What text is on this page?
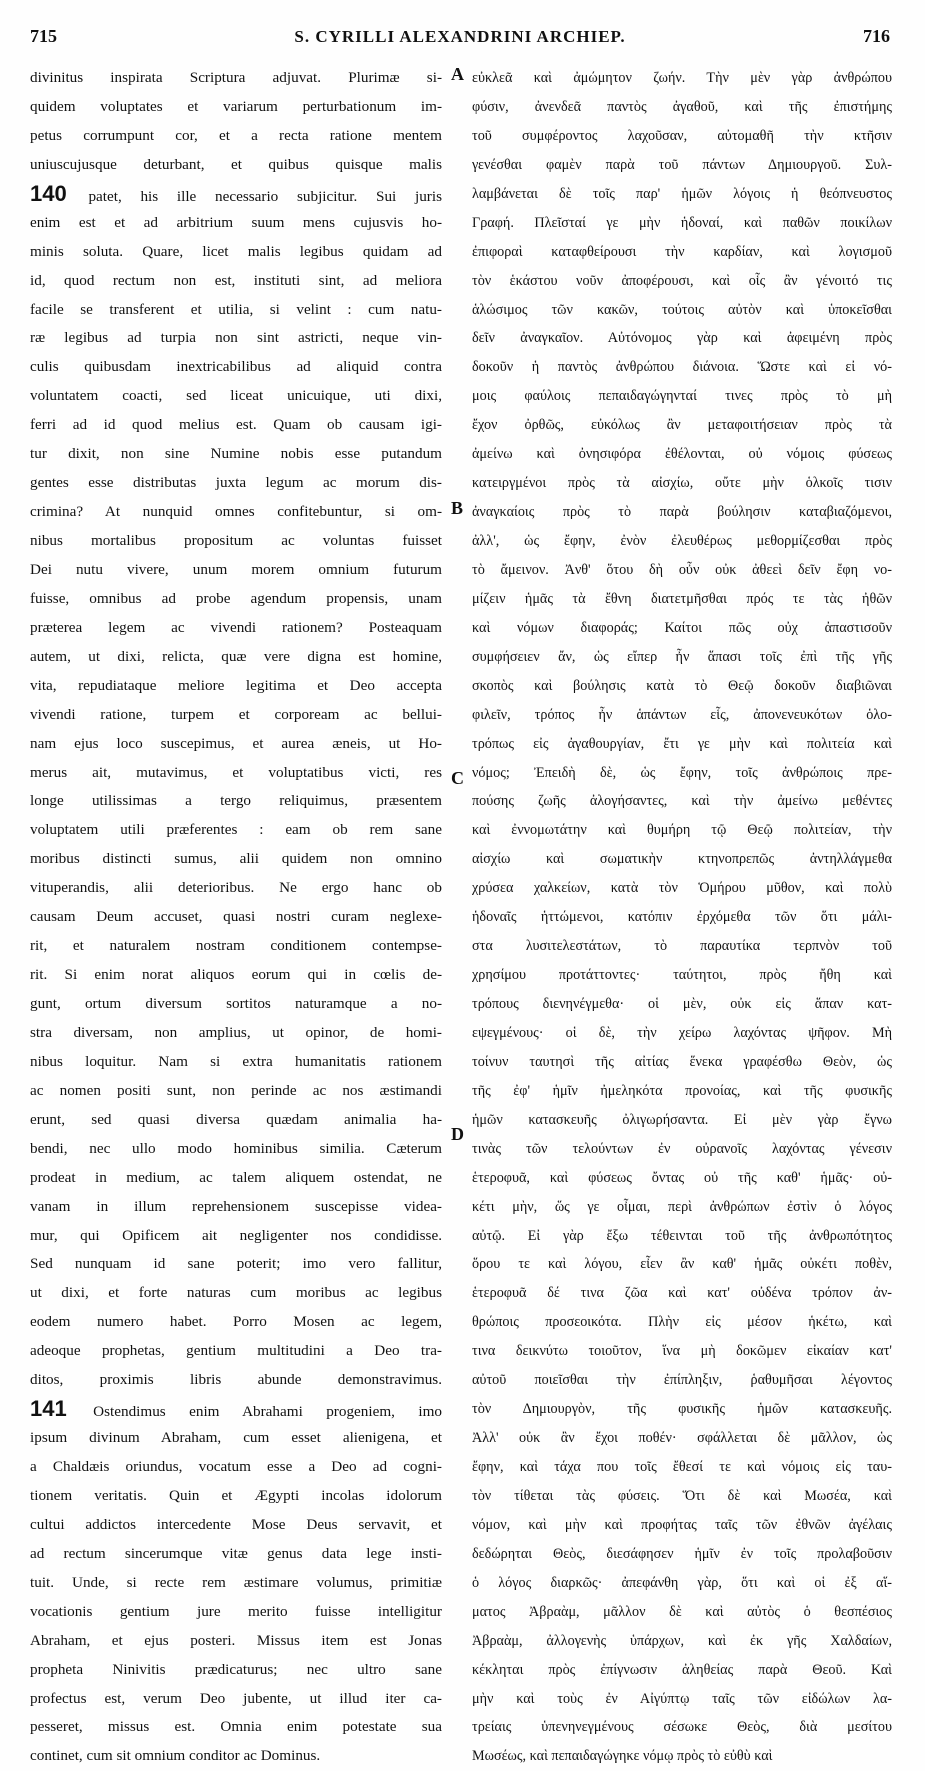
715	S. CYRILLI ALEXANDRINI ARCHIEP.	716
divinitus inspirata Scriptura adjuvat. Plurimæ si-
quidem voluptates et variarum perturbationum im-
petus corrumpunt cor, et a recta ratione mentem
uniuscujusque deturbant, et quibus quisque malis
140 patet, his ille necessario subjicitur. Sui juris
enim est et ad arbitrium suum mens cujusvis ho-
minis soluta. Quare, licet malis legibus quidam ad
id, quod rectum non est, instituti sint, ad meliora
facile se transferent et utilia, si velint : cum natu-
ræ legibus ad turpia non sint astricti, neque vin-
culis quibusdam inextricabilibus ad aliquid contra
voluntatem coacti, sed liceat unicuique, uti dixi,
ferri ad id quod melius est. Quam ob causam igi-
tur dixit, non sine Numine nobis esse putandum
gentes esse distributas juxta legum ac morum dis-
crimina? At nunquid omnes confitebuntur, si om-
nibus mortalibus propositum ac voluntas fuisset
Dei nutu vivere, unum morem omnium futurum
fuisse, omnibus ad probe agendum propensis, unam
præterea legem ac vivendi rationem? Posteaquam
autem, ut dixi, relicta, quæ vere digna est homine,
vita, repudiataque meliore legitima et Deo accepta
vivendi ratione, turpem et corpoream ac bellui-
nam ejus loco suscepimus, et aurea æneis, ut Ho-
merus ait, mutavimus, et voluptatibus victi, res
longe utilissimas a tergo reliquimus, præsentem
voluptatem utili præferentes : eam ob rem sane
moribus distincti sumus, alii quidem non omnino
vituperandis, alii deterioribus. Ne ergo hanc ob
causam Deum accuset, quasi nostri curam neglexe-
rit, et naturalem nostram conditionem contempse-
rit. Si enim norat aliquos eorum qui in cœlis de-
gunt, ortum diversum sortitos naturamque a no-
stra diversam, non amplius, ut opinor, de homi-
nibus loquitur. Nam si extra humanitatis rationem
ac nomen positi sunt, non perinde ac nos æstimandi
erunt, sed quasi diversa quædam animalia ha-
bendi, nec ullo modo hominibus similia. Cæterum
prodeat in medium, ac talem aliquem ostendat, ne
vanam in illum reprehensionem suscepisse videa-
mur, qui Opificem ait negligenter nos condidisse.
Sed nunquam id sane poterit; imo vero fallitur,
ut dixi, et forte naturas cum moribus ac legibus
eodem numero habet. Porro Mosen ac legem,
adeoque prophetas, gentium multitudini a Deo tra-
ditos, proximis libris abunde demonstravimus.
141 Ostendimus enim Abrahami progeniem, imo
ipsum divinum Abraham, cum esset alienigena, et
a Chaldæis oriundus, vocatum esse a Deo ad cogni-
tionem veritatis. Quin et Ægypti incolas idolorum
cultui addictos intercedente Mose Deus servavit, et
ad rectum sincerumque vitæ genus data lege insti-
tuit. Unde, si recte rem æstimare volumus, primitiæ
vocationis gentium jure merito fuisse intelligitur
Abraham, et ejus posteri. Missus item est Jonas
propheta Ninivitis prædicaturus; nec ultro sane
profectus est, verum Deo jubente, ut illud iter ca-
pesseret, missus est. Omnia enim potestate sua
continet, cum sit omnium conditor ac Dominus.
A
B
C
D
εὐκλεᾶ καὶ ἀμώμητον ζωήν. Τὴν μὲν γὰρ ἀνθρώπου
φύσιν, ἀνενδεᾶ παντὸς ἀγαθοῦ, καὶ τῆς ἐπιστήμης
τοῦ συμφέροντος λαχοῦσαν, αὐτομαθῆ τὴν κτῆσιν
γενέσθαι φαμὲν παρὰ τοῦ πάντων Δημιουργοῦ. Συλ-
λαμβάνεται δὲ τοῖς παρ' ἡμῶν λόγοις ἡ θεόπνευστος
Γραφή. Πλεῖσταί γε μὴν ἡδοναί, καὶ παθῶν ποικίλων
ἐπιφοραὶ καταφθείρουσι τὴν καρδίαν, καὶ λογισμοῦ
τὸν ἑκάστου νοῦν ἀποφέρουσι, καὶ οἷς ἂν γένοιτό τις
ἁλώσιμος τῶν κακῶν, τούτοις αὐτὸν καὶ ὑποκεῖσθαι
δεῖν ἀναγκαῖον. Αὐτόνομος γὰρ καὶ ἀφειμένη πρὸς
δοκοῦν ἡ παντὸς ἀνθρώπου διάνοια. Ὥστε καὶ εἰ νό-
μοις φαύλοις πεπαιδαγώγηνταί τινες πρὸς τὸ μὴ
ἔχον ὀρθῶς, εὐκόλως ἂν μεταφοιτήσειαν πρὸς τὰ
ἀμείνω καὶ ὀνησιφόρα ἐθέλονται, οὐ νόμοις φύσεως
κατειργμένοι πρὸς τὰ αἰσχίω, οὔτε μὴν ὁλκοῖς τισιν
ἀναγκαίοις πρὸς τὸ παρὰ βούλησιν καταβιαζόμενοι,
ἀλλ', ὡς ἔφην, ἐνὸν ἐλευθέρως μεθορμίζεσθαι πρὸς
τὸ ἄμεινον. Ἀνθ' ὅτου δὴ οὖν οὐκ ἀθεεὶ δεῖν ἔφη νο-
μίζειν ἡμᾶς τὰ ἔθνη διατετμῆσθαι πρός τε τὰς ἠθῶν
καὶ νόμων διαφοράς; Καίτοι πῶς οὐχ ἀπαστισοῦν
συμφήσειεν ἄν, ὡς εἴπερ ἦν ἅπασι τοῖς ἐπὶ τῆς γῆς
σκοπὸς καὶ βούλησις κατὰ τὸ Θεῷ δοκοῦν διαβιῶναι
φιλεῖν, τρόπος ἦν ἁπάντων εἷς, ἀπονενευκότων ὁλο-
τρόπως εἰς ἀγαθουργίαν, ἔτι γε μὴν καὶ πολιτεία καὶ
νόμος; Ἐπειδὴ δὲ, ὡς ἔφην, τοῖς ἀνθρώποις πρε-
πούσης ζωῆς ἀλογήσαντες, καὶ τὴν ἀμείνω μεθέντες
καὶ ἐννομωτάτην καὶ θυμήρη τῷ Θεῷ πολιτείαν, τὴν
αἰσχίω καὶ σωματικὴν κτηνοπρεπῶς ἀντηλλάγμεθα
χρύσεα χαλκείων, κατὰ τὸν Ὁμήρου μῦθον, καὶ πολὺ
ἡδοναῖς ἡττώμενοι, κατόπιν ἐρχόμεθα τῶν ὅτι μάλι-
στα λυσιτελεστάτων, τὸ παραυτίκα τερπνὸν τοῦ
χρησίμου προτάττοντες· ταύτητοι, πρὸς ἤθη καὶ
τρόπους διενηνέγμεθα· οἱ μὲν, οὐκ εἰς ἅπαν κατ-
εψεγμένους· οἱ δὲ, τὴν χείρω λαχόντας ψῆφον. Μὴ
τοίνυν ταυτησὶ τῆς αἰτίας ἕνεκα γραφέσθω Θεὸν, ὡς
τῆς ἐφ' ἡμῖν ἠμεληκότα προνοίας, καὶ τῆς φυσικῆς
ἡμῶν κατασκευῆς ὀλιγωρήσαντα. Εἰ μὲν γὰρ ἔγνω
τινὰς τῶν τελούντων ἐν οὐρανοῖς λαχόντας γένεσιν
ἑτεροφυᾶ, καὶ φύσεως ὄντας οὐ τῆς καθ' ἡμᾶς· οὐ-
κέτι μὴν, ὥς γε οἶμαι, περὶ ἀνθρώπων ἐστὶν ὁ λόγος
αὐτῷ. Εἰ γὰρ ἔξω τέθεινται τοῦ τῆς ἀνθρωπότητος
ὅρου τε καὶ λόγου, εἶεν ἂν καθ' ἡμᾶς οὐκέτι ποθὲν,
ἑτεροφυᾶ δέ τινα ζῶα καὶ κατ' οὐδένα τρόπον ἀν-
θρώποις προσεοικότα. Πλὴν εἰς μέσον ἡκέτω, καὶ
τινα δεικνύτω τοιοῦτον, ἵνα μὴ δοκῶμεν εἰκαίαν κατ'
αὐτοῦ ποιεῖσθαι τὴν ἐπίπληξιν, ῥαθυμῆσαι λέγοντος
τὸν Δημιουργὸν, τῆς φυσικῆς ἡμῶν κατασκευῆς.
Ἀλλ' οὐκ ἂν ἔχοι ποθέν· σφάλλεται δὲ μᾶλλον, ὡς
ἔφην, καὶ τάχα που τοῖς ἔθεσί τε καὶ νόμοις εἰς ταυ-
τὸν τίθεται τὰς φύσεις. Ὅτι δὲ καὶ Μωσέα, καὶ
νόμον, καὶ μὴν καὶ προφήτας ταῖς τῶν ἐθνῶν ἀγέλαις
δεδώρηται Θεὸς, διεσάφησεν ἡμῖν ἐν τοῖς προλαβοῦσιν
ὁ λόγος διαρκῶς· ἀπεφάνθη γὰρ, ὅτι καὶ οἱ ἐξ αἵ-
ματος Ἀβραὰμ, μᾶλλον δὲ καὶ αὐτὸς ὁ θεσπέσιος
Ἀβραὰμ, ἀλλογενὴς ὑπάρχων, καὶ ἐκ γῆς Χαλδαίων,
κέκληται πρὸς ἐπίγνωσιν ἀληθείας παρὰ Θεοῦ. Καὶ
μὴν καὶ τοὺς ἐν Αἰγύπτῳ ταῖς τῶν εἰδώλων λα-
τρείαις ὑπενηνεγμένους σέσωκε Θεὸς, διὰ μεσίτου
Μωσέως, καὶ πεπαιδαγώγηκε νόμῳ πρὸς τὸ εὐθὺ καὶ
